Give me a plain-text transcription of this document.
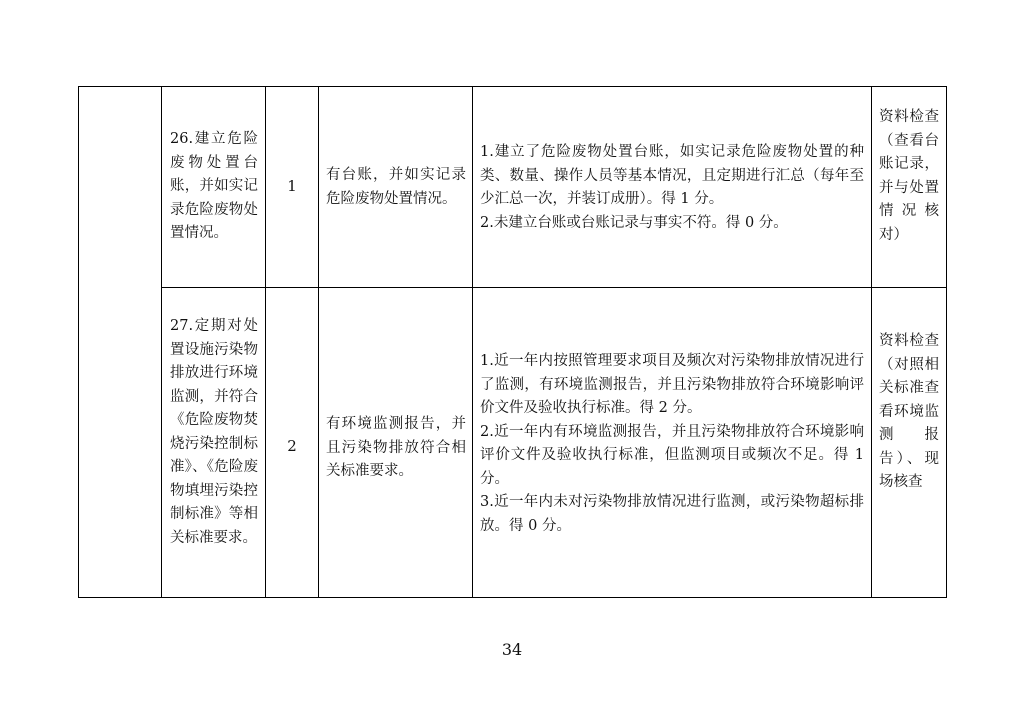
26.建立危险废物处置台账，并如实记录危险废物处置情况。
1
有台账，并如实记录危险废物处置情况。
1.建立了危险废物处置台账，如实记录危险废物处置的种类、数量、操作人员等基本情况，且定期进行汇总（每年至少汇总一次，并装订成册）。得 1 分。
2.未建立台账或台账记录与事实不符。得 0 分。
资料检查（查看台账记录，并与处置情况核对）
27.定期对处置设施污染物排放进行环境监测，并符合《危险废物焚烧污染控制标准》、《危险废物填埋污染控制标准》等相关标准要求。
2
有环境监测报告，并且污染物排放符合相关标准要求。
1.近一年内按照管理要求项目及频次对污染物排放情况进行了监测，有环境监测报告，并且污染物排放符合环境影响评价文件及验收执行标准。得 2 分。
2.近一年内有环境监测报告，并且污染物排放符合环境影响评价文件及验收执行标准，但监测项目或频次不足。得 1 分。
3.近一年内未对污染物排放情况进行监测，或污染物超标排放。得 0 分。
资料检查（对照相关标准查看环境监测报告）、现场核查
34
